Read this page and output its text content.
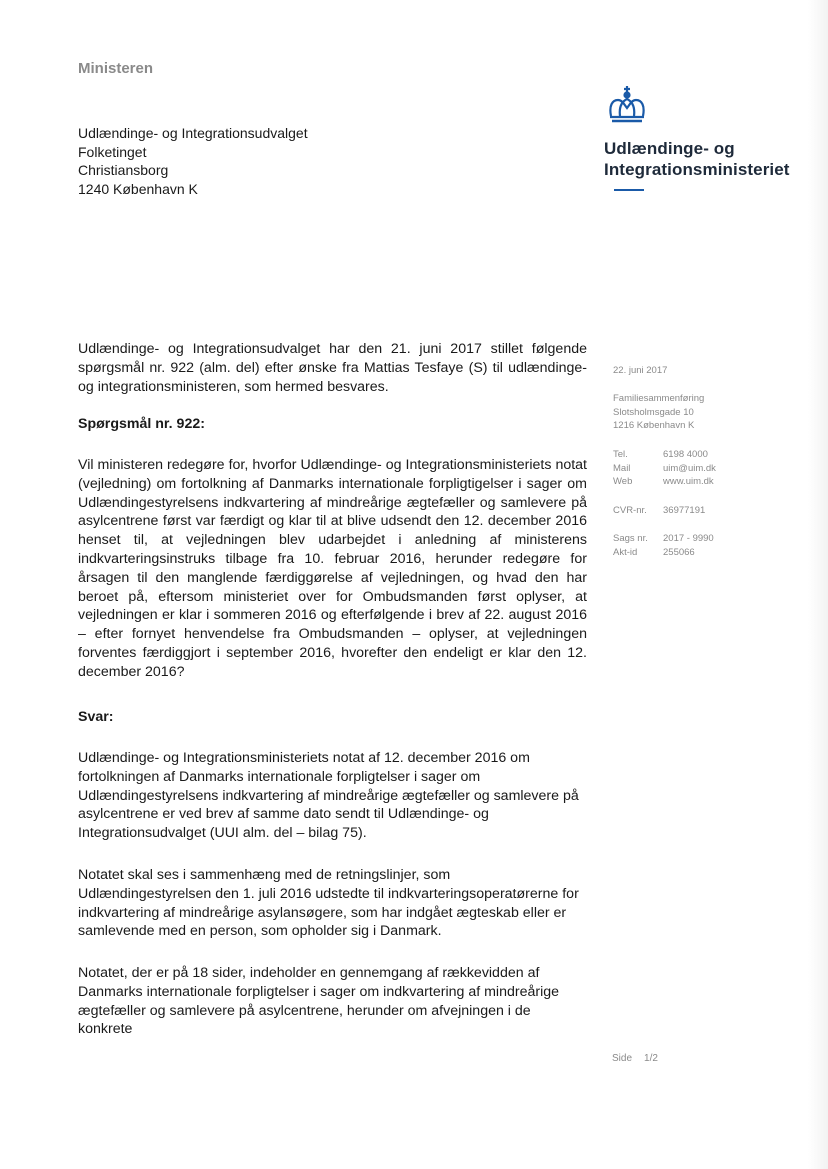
Ministeren
Udlændinge- og Integrationsudvalget
Folketinget
Christiansborg
1240 København K
Udlændinge- og
Integrationsministeriet
22. juni 2017
Familiesammenføring
Slotsholmsgade 10
1216 København K
Tel.	6198 4000
Mail	uim@uim.dk
Web	www.uim.dk
CVR-nr.	36977191
Sags nr.	2017 - 9990
Akt-id	255066
Udlændinge- og Integrationsudvalget har den 21. juni 2017 stillet følgende spørgsmål nr. 922 (alm. del) efter ønske fra Mattias Tesfaye (S) til udlændinge- og integrationsministeren, som hermed besvares.
Spørgsmål nr. 922:
Vil ministeren redegøre for, hvorfor Udlændinge- og Integrationsministeriets notat (vejledning) om fortolkning af Danmarks internationale forpligtigelser i sager om Udlændingestyrelsens indkvartering af mindreårige ægtefæller og samlevere på asylcentrene først var færdigt og klar til at blive udsendt den 12. december 2016 henset til, at vejledningen blev udarbejdet i anledning af ministerens indkvarteringsinstruks tilbage fra 10. februar 2016, herunder redegøre for årsagen til den manglende færdiggørelse af vejledningen, og hvad den har beroet på, eftersom ministeriet over for Ombudsmanden først oplyser, at vejledningen er klar i sommeren 2016 og efterfølgende i brev af 22. august 2016 – efter fornyet henvendelse fra Ombudsmanden – oplyser, at vejledningen forventes færdiggjort i september 2016, hvorefter den endeligt er klar den 12. december 2016?
Svar:
Udlændinge- og Integrationsministeriets notat af 12. december 2016 om fortolkningen af Danmarks internationale forpligtelser i sager om Udlændingestyrelsens indkvartering af mindreårige ægtefæller og samlevere på asylcentrene er ved brev af samme dato sendt til Udlændinge- og Integrationsudvalget (UUI alm. del – bilag 75).
Notatet skal ses i sammenhæng med de retningslinjer, som Udlændingestyrelsen den 1. juli 2016 udstedte til indkvarteringsoperatørerne for indkvartering af mindreårige asylansøgere, som har indgået ægteskab eller er samlevende med en person, som opholder sig i Danmark.
Notatet, der er på 18 sider, indeholder en gennemgang af rækkevidden af Danmarks internationale forpligtelser i sager om indkvartering af mindreårige ægtefæller og samlevere på asylcentrene, herunder om afvejningen i de konkrete
Side 1/2
